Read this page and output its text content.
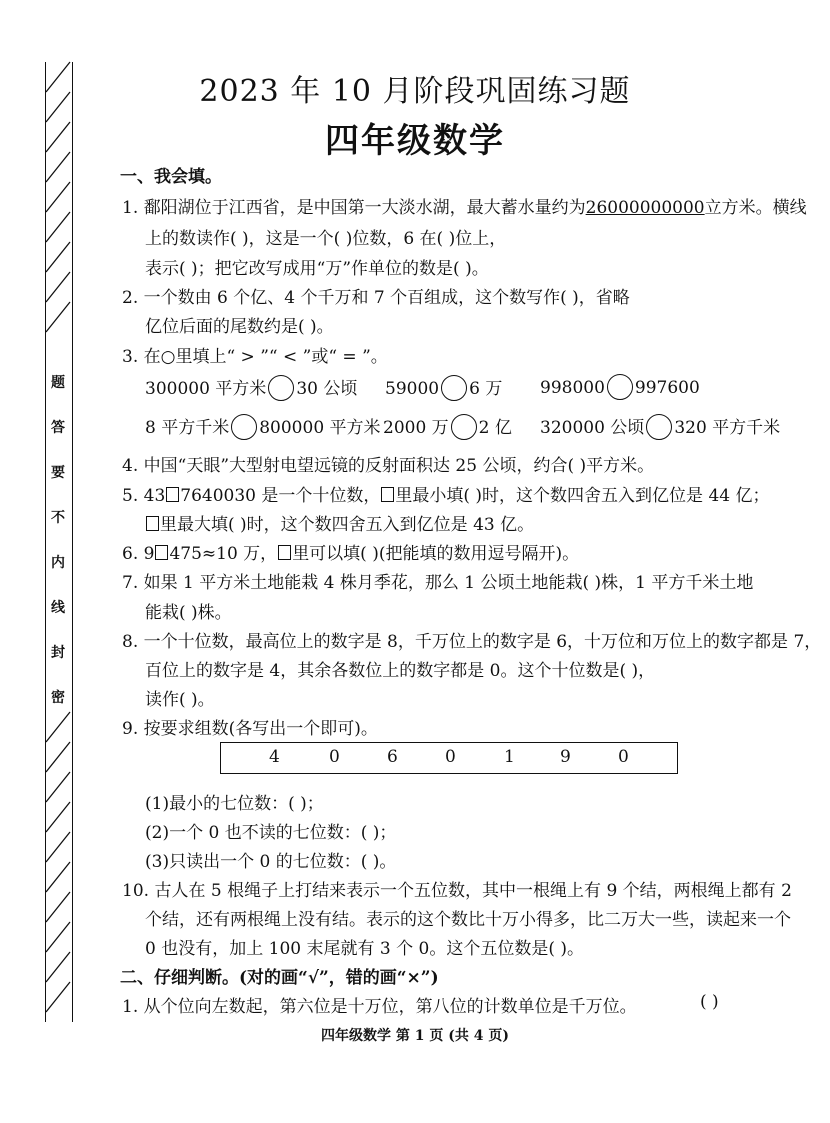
题
答
要
不
内
线
封
密
2023 年 10 月阶段巩固练习题
四年级数学
一、我会填。
1. 鄱阳湖位于江西省，是中国第一大淡水湖，最大蓄水量约为26000000000立方米。横线
上的数读作( )，这是一个( )位数，6 在( )位上，
表示( )；把它改写成用“万”作单位的数是( )。
2. 一个数由 6 个亿、4 个千万和 7 个百组成，这个数写作( )，省略
亿位后面的尾数约是( )。
3. 在○里填上“ > ”“ < ”或“ = ”。
300000 平方米 30 公顷 59000 6 万 998000 997600
8 平方千米 800000 平方米 2000 万 2 亿 320000 公顷 320 平方千米
4. 中国“天眼”大型射电望远镜的反射面积达 25 公顷，约合( )平方米。
5. 43 7640030 是一个十位数， 里最小填( )时，这个数四舍五入到亿位是 44 亿；
里最大填( )时，这个数四舍五入到亿位是 43 亿。
6. 9 475≈10 万， 里可以填( )(把能填的数用逗号隔开)。
7. 如果 1 平方米土地能栽 4 株月季花，那么 1 公顷土地能栽( )株，1 平方千米土地
能栽( )株。
8. 一个十位数，最高位上的数字是 8，千万位上的数字是 6，十万位和万位上的数字都是 7，
百位上的数字是 4，其余各数位上的数字都是 0。这个十位数是( )，
读作( )。
9. 按要求组数(各写出一个即可)。
4	0	6	0	1	9	0
(1)最小的七位数：( )；
(2)一个 0 也不读的七位数：( )；
(3)只读出一个 0 的七位数：( )。
10. 古人在 5 根绳子上打结来表示一个五位数，其中一根绳上有 9 个结，两根绳上都有 2
个结，还有两根绳上没有结。表示的这个数比十万小得多，比二万大一些，读起来一个
0 也没有，加上 100 末尾就有 3 个 0。这个五位数是( )。
二、仔细判断。(对的画“√”，错的画“×”)
1. 从个位向左数起，第六位是十万位，第八位的计数单位是千万位。	( )
四年级数学 第 1 页 (共 4 页)
